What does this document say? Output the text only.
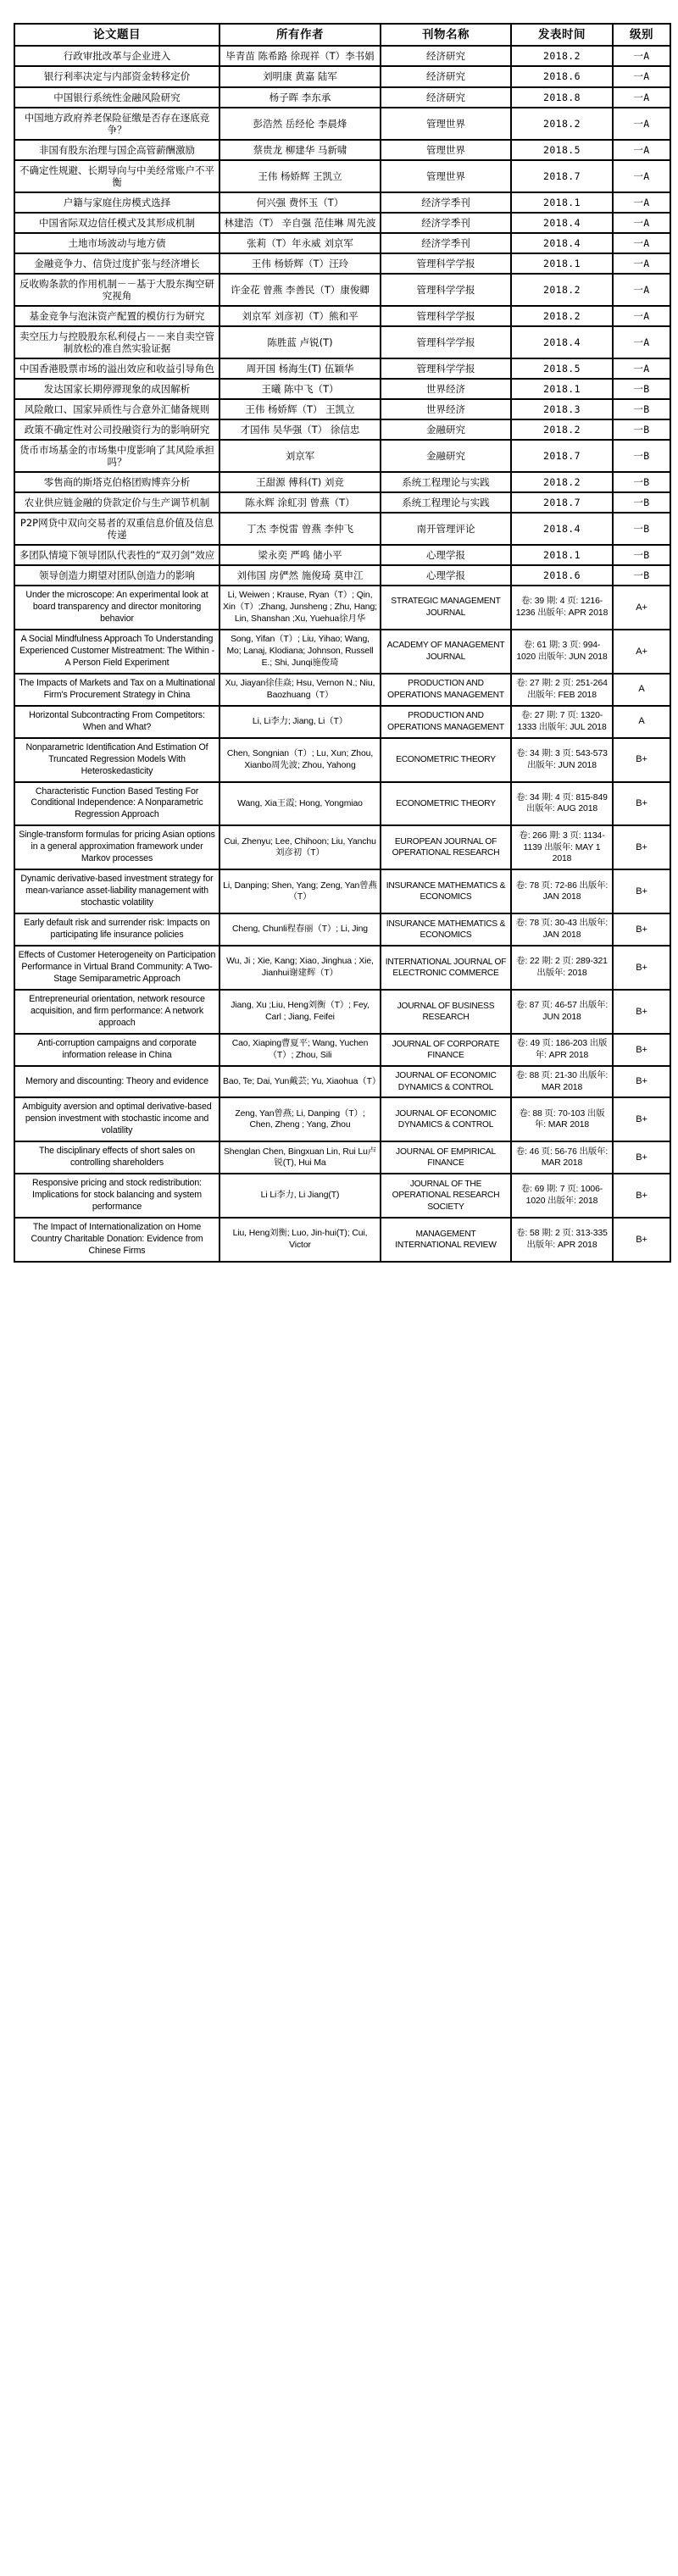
论文题目	所有作者	刊物名称	发表时间	级别
行政审批改革与企业进入	毕青苗 陈希路 徐现祥（T）李书娟	经济研究	2018.2	一A
银行利率决定与内部资金转移定价	刘明康 黄嘉 陆军	经济研究	2018.6	一A
中国银行系统性金融风险研究	杨子晖 李东承	经济研究	2018.8	一A
中国地方政府养老保险征缴是否存在逐底竞争？	彭浩然 岳经伦 李晨烽	管理世界	2018.2	一A
非国有股东治理与国企高管薪酬激励	蔡贵龙 柳建华 马新啸	管理世界	2018.5	一A
不确定性规避、长期导向与中美经常账户不平衡	王伟 杨娇辉 王凯立	管理世界	2018.7	一A
户籍与家庭住房模式选择	何兴强 费怀玉（T）	经济学季刊	2018.1	一A
中国省际双边信任模式及其形成机制	林建浩（T） 辛自强 范佳琳 周先波	经济学季刊	2018.4	一A
土地市场波动与地方债	张莉（T）年永威 刘京军	经济学季刊	2018.4	一A
金融竞争力、信贷过度扩张与经济增长	王伟 杨娇辉（T）汪玲	管理科学学报	2018.1	一A
反收购条款的作用机制－－基于大股东掏空研究视角	许金花 曾燕 李善民（T）康俊卿	管理科学学报	2018.2	一A
基金竞争与泡沫资产配置的模仿行为研究	刘京军 刘彦初（T）熊和平	管理科学学报	2018.2	一A
卖空压力与控股股东私利侵占－－来自卖空管制放松的准自然实验证据	陈胜蓝 卢锐(T)	管理科学学报	2018.4	一A
中国香港股票市场的溢出效应和收益引导角色	周开国 杨海生(T) 伍颖华	管理科学学报	2018.5	一A
发达国家长期停滞现象的成因解析	王曦 陈中飞（T）	世界经济	2018.1	一B
风险敞口、国家异质性与合意外汇储备规则	王伟 杨娇辉（T） 王凯立	世界经济	2018.3	一B
政策不确定性对公司投融资行为的影响研究	才国伟 吴华强（T） 徐信忠	金融研究	2018.2	一B
货币市场基金的市场集中度影响了其风险承担吗？	刘京军	金融研究	2018.7	一B
零售商的斯塔克伯格团购博弈分析	王甜源 傅科(T) 刘竞	系统工程理论与实践	2018.2	一B
农业供应链金融的贷款定价与生产调节机制	陈永辉 涂虹羽 曾燕（T）	系统工程理论与实践	2018.7	一B
P2P网贷中双向交易者的双重信息价值及信息传递	丁杰 李悦雷 曾燕 李仲飞	南开管理评论	2018.4	一B
多团队情境下领导团队代表性的“双刃剑”效应	梁永奕 严鸣 储小平	心理学报	2018.1	一B
领导创造力期望对团队创造力的影响	刘伟国 房俨然 施俊琦 莫申江	心理学报	2018.6	一B
Under the microscope: An experimental look at board transparency and director monitoring behavior	Li, Weiwen ; Krause, Ryan（T）; Qin, Xin（T）;Zhang, Junsheng ; Zhu, Hang; Lin, Shanshan ;Xu, Yuehua徐月华	STRATEGIC MANAGEMENT JOURNAL	卷: 39 期: 4 页: 1216-1236 出版年: APR 2018	A+
A Social Mindfulness Approach To Understanding Experienced Customer Mistreatment: The Within - A Person Field Experiment	Song, Yifan（T）; Liu, Yihao; Wang, Mo; Lanaj, Klodiana; Johnson, Russell E.; Shi, Junqi施俊琦	ACADEMY OF MANAGEMENT JOURNAL	卷: 61 期: 3 页: 994-1020 出版年: JUN 2018	A+
The Impacts of Markets and Tax on a Multinational Firm's Procurement Strategy in China	Xu, Jiayan徐佳焱; Hsu, Vernon N.; Niu, Baozhuang（T）	PRODUCTION AND OPERATIONS MANAGEMENT	卷: 27 期: 2 页: 251-264 出版年: FEB 2018	A
Horizontal Subcontracting From Competitors: When and What?	Li, Li李力; Jiang, Li（T）	PRODUCTION AND OPERATIONS MANAGEMENT	卷: 27 期: 7 页: 1320-1333 出版年: JUL 2018	A
Nonparametric Identification And Estimation Of Truncated Regression Models With Heteroskedasticity	Chen, Songnian（T）; Lu, Xun; Zhou, Xianbo周先波; Zhou, Yahong	ECONOMETRIC THEORY	卷: 34 期: 3 页: 543-573 出版年: JUN 2018	B+
Characteristic Function Based Testing For Conditional Independence: A Nonparametric Regression Approach	Wang, Xia王霞; Hong, Yongmiao	ECONOMETRIC THEORY	卷: 34 期: 4 页: 815-849 出版年: AUG 2018	B+
Single-transform formulas for pricing Asian options in a general approximation framework under Markov processes	Cui, Zhenyu; Lee, Chihoon; Liu, Yanchu刘彦初（T）	EUROPEAN JOURNAL OF OPERATIONAL RESEARCH	卷: 266 期: 3 页: 1134-1139 出版年: MAY 1 2018	B+
Dynamic derivative-based investment strategy for mean-variance asset-liability management with stochastic volatility	Li, Danping; Shen, Yang; Zeng, Yan曾燕（T）	INSURANCE MATHEMATICS & ECONOMICS	卷: 78 页: 72-86 出版年: JAN 2018	B+
Early default risk and surrender risk: Impacts on participating life insurance policies	Cheng, Chunli程春丽（T）; Li, Jing	INSURANCE MATHEMATICS & ECONOMICS	卷: 78 页: 30-43 出版年: JAN 2018	B+
Effects of Customer Heterogeneity on Participation Performance in Virtual Brand Community: A Two-Stage Semiparametric Approach	Wu, Ji ; Xie, Kang; Xiao, Jinghua ; Xie, Jianhui谢建辉（T）	INTERNATIONAL JOURNAL OF ELECTRONIC COMMERCE	卷: 22 期: 2 页: 289-321 出版年: 2018	B+
Entrepreneurial orientation, network resource acquisition, and firm performance: A network approach	Jiang, Xu ;Liu, Heng刘衡（T）; Fey, Carl ; Jiang, Feifei	JOURNAL OF BUSINESS RESEARCH	卷: 87 页: 46-57 出版年: JUN 2018	B+
Anti-corruption campaigns and corporate information release in China	Cao, Xiaping曹夏平; Wang, Yuchen（T）; Zhou, Sili	JOURNAL OF CORPORATE FINANCE	卷: 49 页: 186-203 出版年: APR 2018	B+
Memory and discounting: Theory and evidence	Bao, Te; Dai, Yun戴芸; Yu, Xiaohua（T）	JOURNAL OF ECONOMIC DYNAMICS & CONTROL	卷: 88 页: 21-30 出版年: MAR 2018	B+
Ambiguity aversion and optimal derivative-based pension investment with stochastic income and volatility	Zeng, Yan曾燕; Li, Danping（T）; Chen, Zheng ; Yang, Zhou	JOURNAL OF ECONOMIC DYNAMICS & CONTROL	卷: 88 页: 70-103 出版年: MAR 2018	B+
The disciplinary effects of short sales on controlling shareholders	Shenglan Chen, Bingxuan Lin, Rui Lu卢锐(T), Hui Ma	JOURNAL OF EMPIRICAL FINANCE	卷: 46 页: 56-76 出版年: MAR 2018	B+
Responsive pricing and stock redistribution: Implications for stock balancing and system performance	Li Li李力, Li Jiang(T)	JOURNAL OF THE OPERATIONAL RESEARCH SOCIETY	卷: 69 期: 7 页: 1006-1020 出版年: 2018	B+
The Impact of Internationalization on Home Country Charitable Donation: Evidence from Chinese Firms	Liu, Heng刘衡; Luo, Jin-hui(T); Cui, Victor	MANAGEMENT INTERNATIONAL REVIEW	卷: 58 期: 2 页: 313-335 出版年: APR 2018	B+
